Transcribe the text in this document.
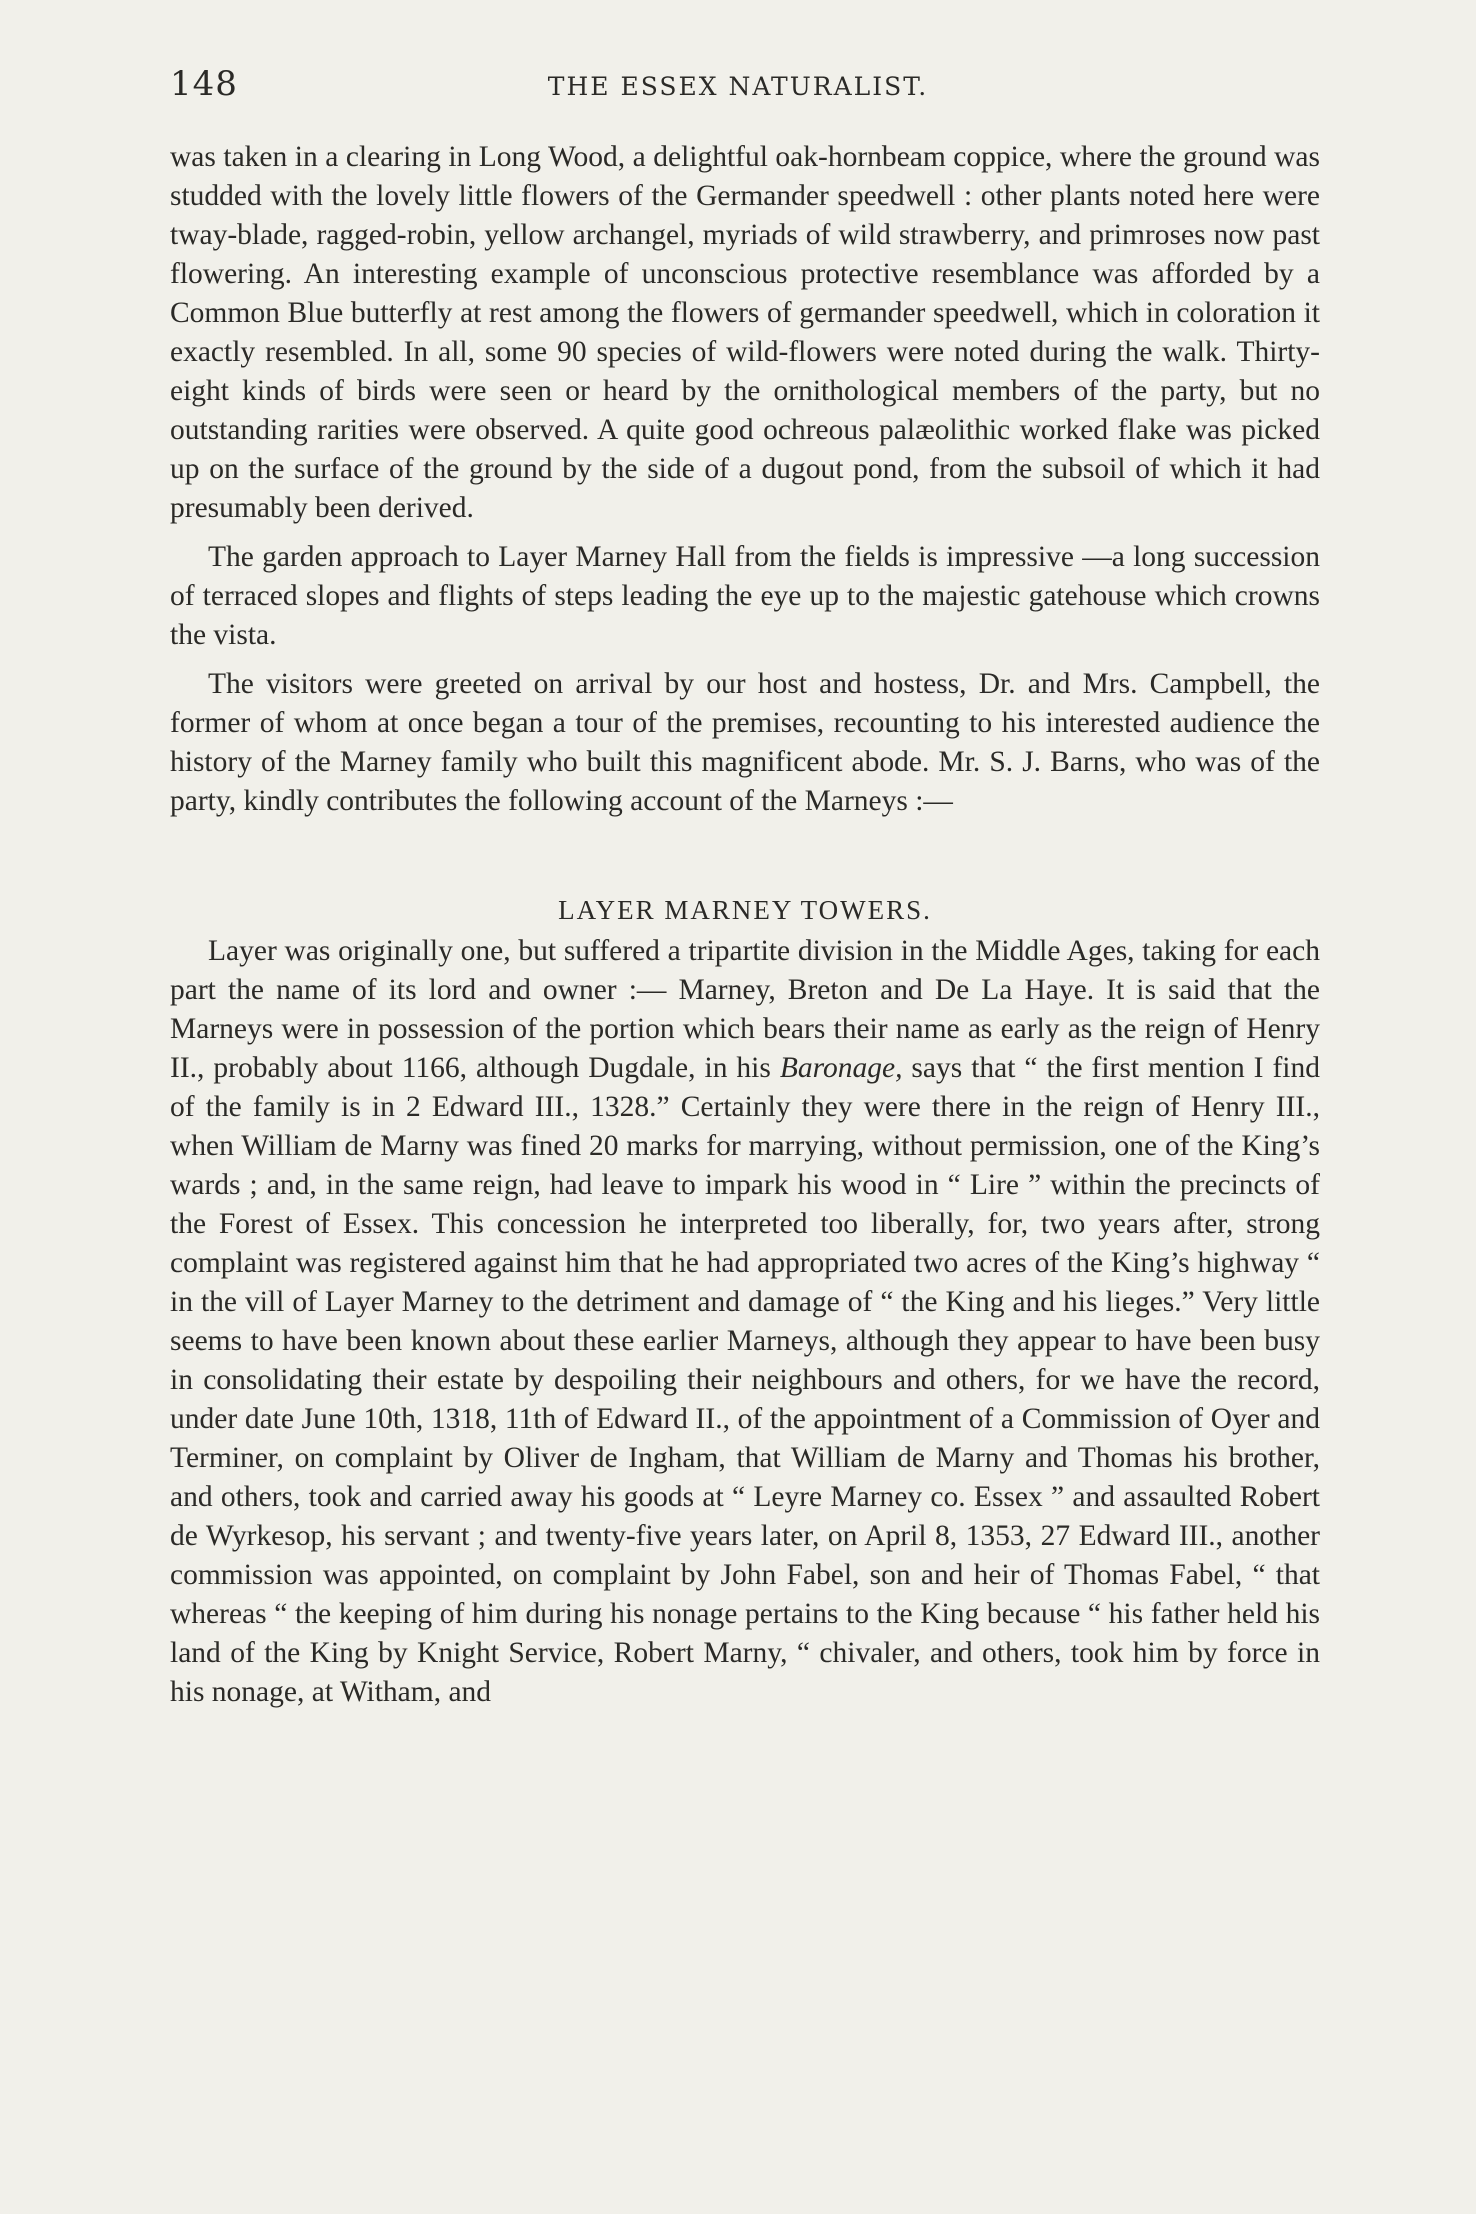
148	THE ESSEX NATURALIST.

was taken in a clearing in Long Wood, a delightful oak-hornbeam coppice, where the ground was studded with the lovely little flowers of the Germander speedwell : other plants noted here were tway-blade, ragged-robin, yellow archangel, myriads of wild strawberry, and primroses now past flowering. An interesting example of unconscious protective resemblance was afforded by a Common Blue butterfly at rest among the flowers of germander speedwell, which in coloration it exactly resembled. In all, some 90 species of wild-flowers were noted during the walk. Thirty-eight kinds of birds were seen or heard by the ornithological members of the party, but no outstanding rarities were observed. A quite good ochreous palæolithic worked flake was picked up on the surface of the ground by the side of a dugout pond, from the subsoil of which it had presumably been derived.

The garden approach to Layer Marney Hall from the fields is impressive —a long succession of terraced slopes and flights of steps leading the eye up to the majestic gatehouse which crowns the vista.

The visitors were greeted on arrival by our host and hostess, Dr. and Mrs. Campbell, the former of whom at once began a tour of the premises, recounting to his interested audience the history of the Marney family who built this magnificent abode. Mr. S. J. Barns, who was of the party, kindly contributes the following account of the Marneys :—

LAYER MARNEY TOWERS.

Layer was originally one, but suffered a tripartite division in the Middle Ages, taking for each part the name of its lord and owner :— Marney, Breton and De La Haye. It is said that the Marneys were in possession of the portion which bears their name as early as the reign of Henry II., probably about 1166, although Dugdale, in his Baronage, says that “ the first mention I find of the family is in 2 Edward III., 1328.” Certainly they were there in the reign of Henry III., when William de Marny was fined 20 marks for marrying, without permission, one of the King’s wards ; and, in the same reign, had leave to impark his wood in “ Lire ” within the precincts of the Forest of Essex. This concession he interpreted too liberally, for, two years after, strong complaint was registered against him that he had appropriated two acres of the King’s highway “ in the vill of Layer Marney to the detriment and damage of “ the King and his lieges.” Very little seems to have been known about these earlier Marneys, although they appear to have been busy in consolidating their estate by despoiling their neighbours and others, for we have the record, under date June 10th, 1318, 11th of Edward II., of the appointment of a Commission of Oyer and Terminer, on complaint by Oliver de Ingham, that William de Marny and Thomas his brother, and others, took and carried away his goods at “ Leyre Marney co. Essex ” and assaulted Robert de Wyrkesop, his servant ; and twenty-five years later, on April 8, 1353, 27 Edward III., another commission was appointed, on complaint by John Fabel, son and heir of Thomas Fabel, “ that whereas “ the keeping of him during his nonage pertains to the King because “ his father held his land of the King by Knight Service, Robert Marny, “ chivaler, and others, took him by force in his nonage, at Witham, and
